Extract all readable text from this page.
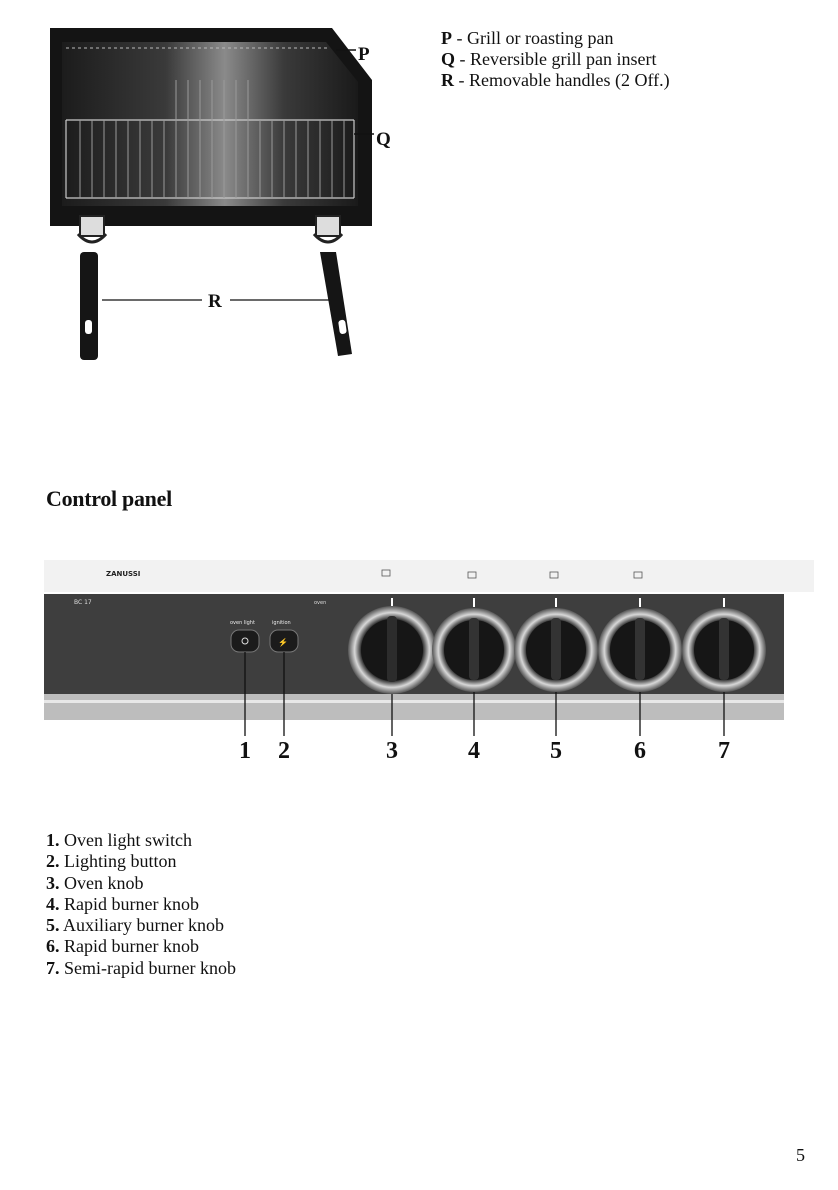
P
Q
R
P - Grill or roasting pan
Q - Reversible grill pan insert
R - Removable handles (2 Off.)
Control panel
ZANUSSI
BC 17	oven
oven light	ignition
⚡
1 2	3	4	5	6	7
1. Oven light switch
2. Lighting button
3. Oven knob
4. Rapid burner knob
5. Auxiliary burner knob
6. Rapid burner knob
7. Semi-rapid burner knob
5
